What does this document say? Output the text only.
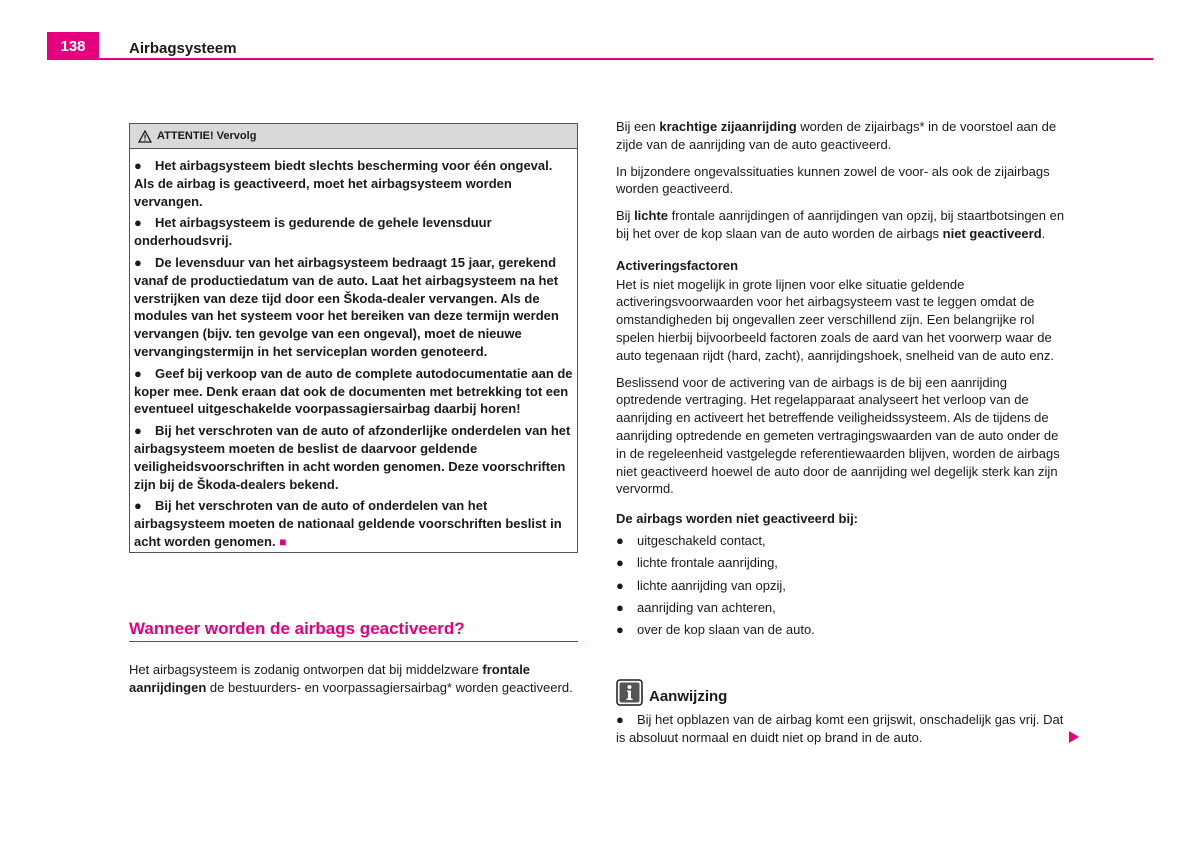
138	Airbagsysteem
ATTENTIE! Vervolg

● Het airbagsysteem biedt slechts bescherming voor één ongeval. Als de airbag is geactiveerd, moet het airbagsysteem worden vervangen.

● Het airbagsysteem is gedurende de gehele levensduur onderhoudsvrij.

● De levensduur van het airbagsysteem bedraagt 15 jaar, gerekend vanaf de productiedatum van de auto. Laat het airbagsysteem na het verstrijken van deze tijd door een Škoda-dealer vervangen. Als de modules van het systeem voor het bereiken van deze termijn werden vervangen (bijv. ten gevolge van een ongeval), moet de nieuwe vervangingstermijn in het serviceplan worden genoteerd.

● Geef bij verkoop van de auto de complete autodocumentatie aan de koper mee. Denk eraan dat ook de documenten met betrekking tot een eventueel uitgeschakelde voorpassagiersairbag daarbij horen!

● Bij het verschroten van de auto of afzonderlijke onderdelen van het airbagsysteem moeten de beslist de daarvoor geldende veiligheidsvoorschriften in acht worden genomen. Deze voorschriften zijn bij de Škoda-dealers bekend.

● Bij het verschroten van de auto of onderdelen van het airbagsysteem moeten de nationaal geldende voorschriften beslist in acht worden genomen. ■

Wanneer worden de airbags geactiveerd?
Het airbagsysteem is zodanig ontworpen dat bij middelzware frontale aanrijdingen de bestuurders- en voorpassagiersairbag* worden geactiveerd.

Bij een krachtige zijaanrijding worden de zijairbags* in de voorstoel aan de zijde van de aanrijding van de auto geactiveerd.

In bijzondere ongevalssituaties kunnen zowel de voor- als ook de zijairbags worden geactiveerd.

Bij lichte frontale aanrijdingen of aanrijdingen van opzij, bij staartbotsingen en bij het over de kop slaan van de auto worden de airbags niet geactiveerd.

Activeringsfactoren

Het is niet mogelijk in grote lijnen voor elke situatie geldende activeringsvoorwaarden voor het airbagsysteem vast te leggen omdat de omstandigheden bij ongevallen zeer verschillend zijn. Een belangrijke rol spelen hierbij bijvoorbeeld factoren zoals de aard van het voorwerp waar de auto tegenaan rijdt (hard, zacht), aanrijdingshoek, snelheid van de auto enz.

Beslissend voor de activering van de airbags is de bij een aanrijding optredende vertraging. Het regelapparaat analyseert het verloop van de aanrijding en activeert het betreffende veiligheidssysteem. Als de tijdens de aanrijding optredende en gemeten vertragingswaarden van de auto onder de in de regeleenheid vastgelegde referentiewaarden blijven, worden de airbags niet geactiveerd hoewel de auto door de aanrijding wel degelijk sterk kan zijn vervormd.

De airbags worden niet geactiveerd bij:

●	uitgeschakeld contact,
●	lichte frontale aanrijding,
●	lichte aanrijding van opzij,
●	aanrijding van achteren,
●	over de kop slaan van de auto.
Aanwijzing
● Bij het opblazen van de airbag komt een grijswit, onschadelijk gas vrij. Dat is absoluut normaal en duidt niet op brand in de auto.
